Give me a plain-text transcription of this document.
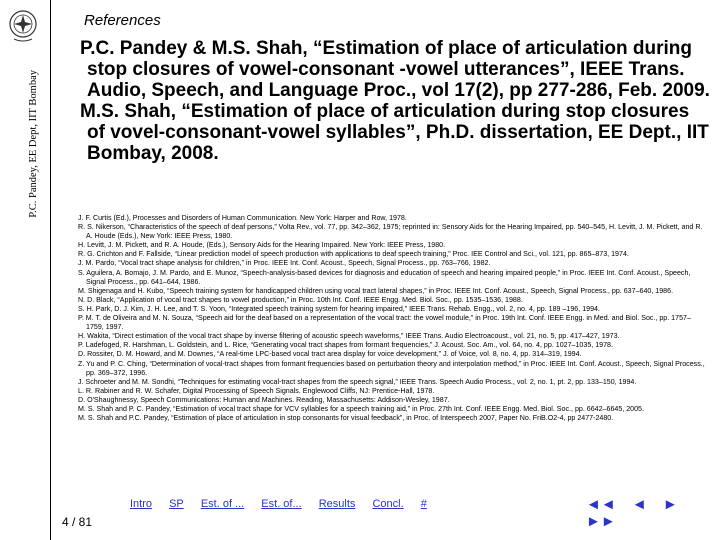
P.C. Pandey, EE Dept, IIT Bombay
References

P.C. Pandey & M.S. Shah, “Estimation of place of articulation during stop closures of vowel-consonant -vowel utterances”, IEEE Trans. Audio, Speech, and Language Proc., vol 17(2), pp 277-286, Feb. 2009.

M.S. Shah, “Estimation of place of articulation during stop closures of vovel-consonant-vowel syllables”, Ph.D. dissertation, EE Dept., IIT Bombay, 2008.

J. F. Curtis (Ed.), Processes and Disorders of Human Communication. New York: Harper and Row, 1978.

R. S. Nikerson, “Characteristics of the speech of deaf persons,” Volta Rev., vol. 77, pp. 342–362, 1975; reprinted in: Sensory Aids for the Hearing Impaired, pp. 540–545, H. Levitt, J. M. Pickett, and R. A. Houde (Eds.), New York: IEEE Press, 1980.

H. Levitt, J. M. Pickett, and R. A. Houde, (Eds.), Sensory Aids for the Hearing Impaired. New York: IEEE Press, 1980.

R. G. Crichton and F. Fallside, “Linear prediction model of speech production with applications to deaf speech training,” Proc. IEE Control and Sci., vol. 121, pp. 865–873, 1974.

J. M. Pardo, “Vocal tract shape analysis for children,” in Proc. IEEE Int. Conf. Acoust., Speech, Signal Process., pp. 763–766, 1982.

S. Aguilera, A. Bomajo, J. M. Pardo, and E. Munoz, “Speech-analysis-based devices for diagnosis and education of speech and hearing impaired people,” in Proc. IEEE Int. Conf. Acoust., Speech, Signal Process., pp. 641–644, 1986.

M. Shigenaga and H. Kubo, “Speech training system for handicapped children using vocal tract lateral shapes,” in Proc. IEEE Int. Conf. Acoust., Speech, Signal Process., pp. 637–640, 1986.

N. D. Black, “Application of vocal tract shapes to vowel production,” in Proc. 10th Int. Conf. IEEE Engg. Med. Biol. Soc., pp. 1535–1536, 1988.

S. H. Park, D. J. Kim, J. H. Lee, and T. S. Yoon, “Integrated speech training system for hearing impaired,” IEEE Trans. Rehab. Engg., vol. 2, no. 4, pp. 189 –196, 1994.

P. M. T. de Oliveira and M. N. Souza, “Speech aid for the deaf based on a representation of the vocal tract: the vowel module,” in Proc. 19th Int. Conf. IEEE Engg. in Med. and Biol. Soc., pp. 1757–1759, 1997.

H. Wakita, “Direct estimation of the vocal tract shape by inverse filtering of acoustic speech waveforms,” IEEE Trans. Audio Electroacoust., vol. 21, no. 5, pp. 417–427, 1973.

P. Ladefoged, R. Harshman, L. Goldstein, and L. Rice, “Generating vocal tract shapes from formant frequencies,” J. Acoust. Soc. Am., vol. 64, no. 4, pp. 1027–1035, 1978.

D. Rossiter, D. M. Howard, and M. Downes, “A real-time LPC-based vocal tract area display for voice development,” J. of Voice, vol. 8, no. 4, pp. 314–319, 1994.

Z. Yu and P. C. Ching, “Determination of vocal-tract shapes from formant frequencies based on perturbation theory and interpolation method,” in Proc. IEEE Int. Conf. Acoust., Speech, Signal Process., pp. 369–372, 1996.

J. Schroeter and M. M. Sondhi, “Techniques for estimating vocal-tract shapes from the speech signal,” IEEE Trans. Speech Audio Process., vol. 2, no. 1, pt. 2, pp. 133–150, 1994.

L. R. Rabiner and R. W. Schafer, Digital Processing of Speech Signals. Englewood Cliffs, NJ: Prentice-Hall, 1978.

D. O'Shaughnessy, Speech Communications: Human and Machines. Reading, Massachusetts: Addison-Wesley, 1987.

M. S. Shah and P. C. Pandey, “Estimation of vocal tract shape for VCV syllables for a speech training aid,” in Proc. 27th Int. Conf. IEEE Engg. Med. Biol. Soc., pp. 6642–6645, 2005.

M. S. Shah and P.C. Pandey, “Estimation of place of articulation in stop consonants for visual feedback”, in Proc. of Interspeech 2007, Paper No. FriB.O2-4, pp 2477-2480.

Intro SP Est. of ... Est. of... Results Concl. #	◄◄ ◄ ► ►►
4 / 81
